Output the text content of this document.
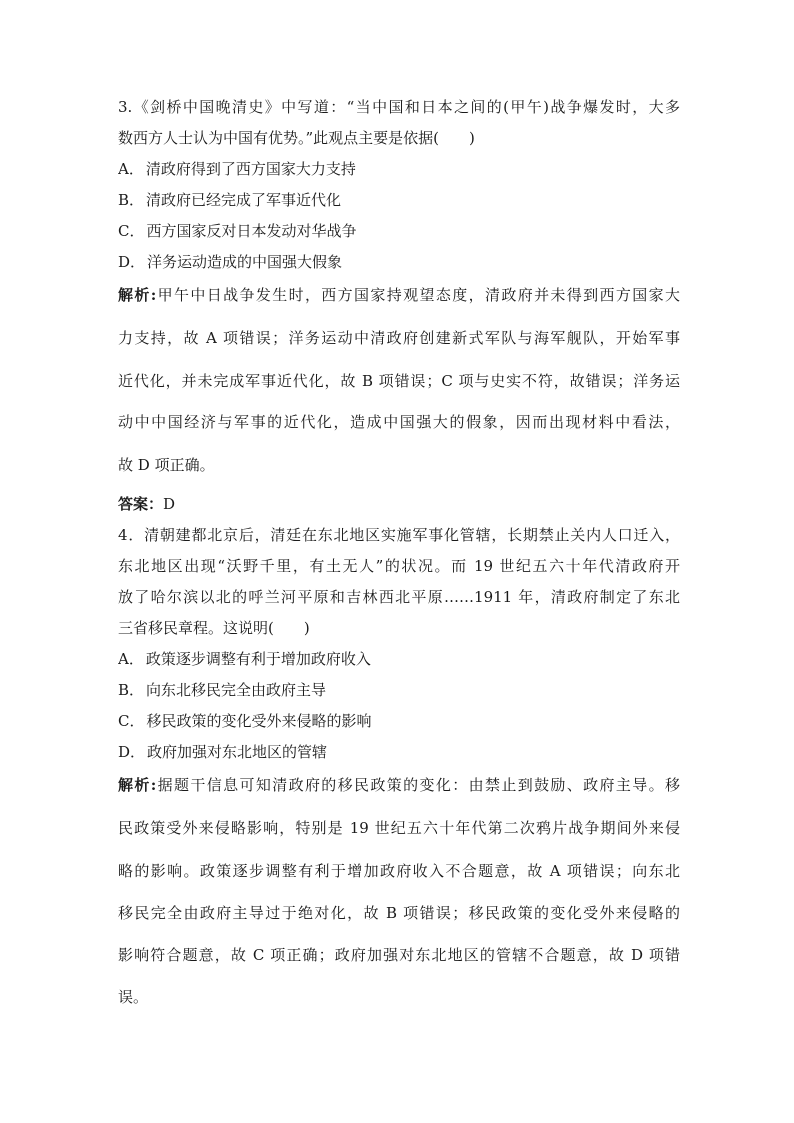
3.《剑桥中国晚清史》中写道：“当中国和日本之间的(甲午)战争爆发时，大多
数西方人士认为中国有优势。”此观点主要是依据(　　)
A． 清政府得到了西方国家大力支持
B． 清政府已经完成了军事近代化
C． 西方国家反对日本发动对华战争
D． 洋务运动造成的中国强大假象
解析:甲午中日战争发生时，西方国家持观望态度，清政府并未得到西方国家大
力支持，故 A 项错误；洋务运动中清政府创建新式军队与海军舰队，开始军事
近代化，并未完成军事近代化，故 B 项错误；C 项与史实不符，故错误；洋务运
动中中国经济与军事的近代化，造成中国强大的假象，因而出现材料中看法，
故 D 项正确。
答案：D
4．清朝建都北京后，清廷在东北地区实施军事化管辖，长期禁止关内人口迁入，
东北地区出现“沃野千里，有土无人”的状况。而 19 世纪五六十年代清政府开
放了哈尔滨以北的呼兰河平原和吉林西北平原……1911 年，清政府制定了东北
三省移民章程。这说明(　　)
A． 政策逐步调整有利于增加政府收入
B． 向东北移民完全由政府主导
C． 移民政策的变化受外来侵略的影响
D． 政府加强对东北地区的管辖
解析:据题干信息可知清政府的移民政策的变化：由禁止到鼓励、政府主导。移
民政策受外来侵略影响，特别是 19 世纪五六十年代第二次鸦片战争期间外来侵
略的影响。政策逐步调整有利于增加政府收入不合题意，故 A 项错误；向东北
移民完全由政府主导过于绝对化，故 B 项错误；移民政策的变化受外来侵略的
影响符合题意，故 C 项正确；政府加强对东北地区的管辖不合题意，故 D 项错
误。
